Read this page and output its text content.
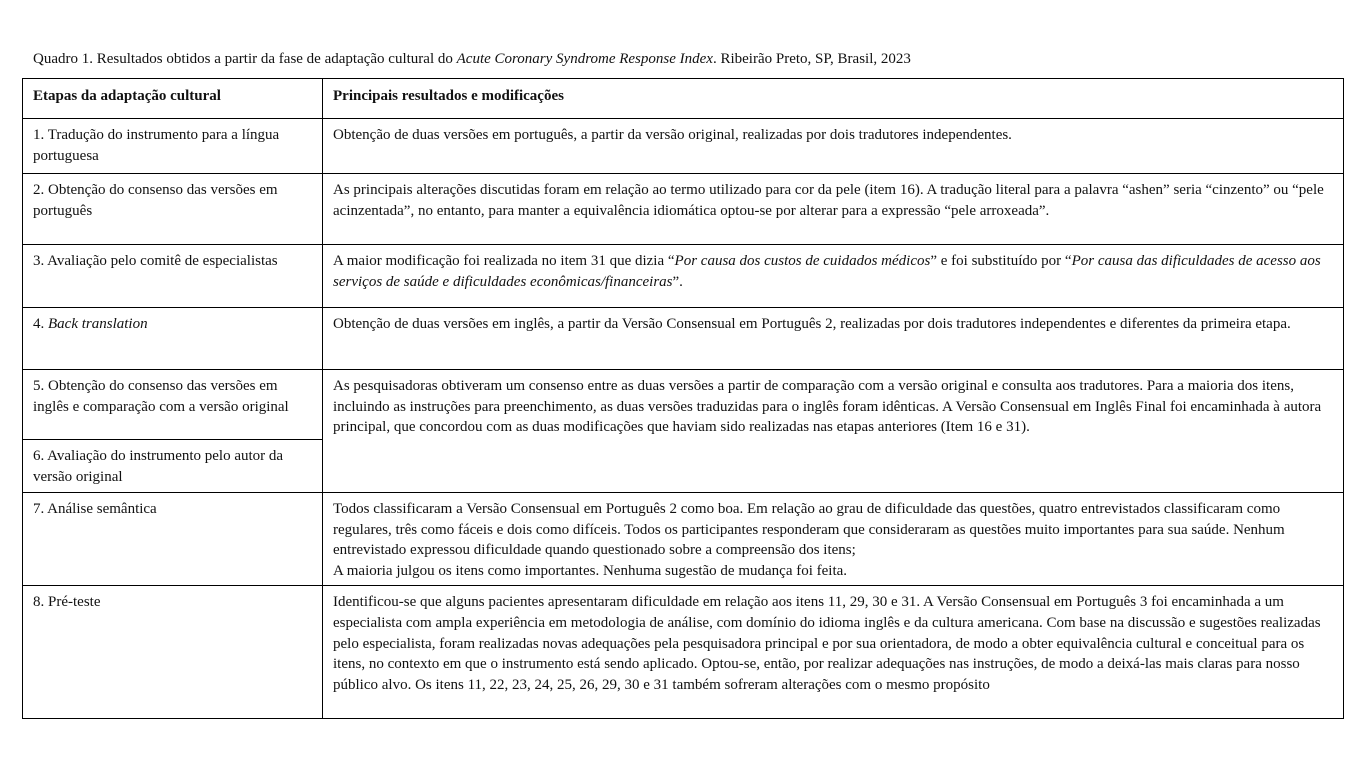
Quadro 1. Resultados obtidos a partir da fase de adaptação cultural do Acute Coronary Syndrome Response Index. Ribeirão Preto, SP, Brasil, 2023
Etapas da adaptação cultural	Principais resultados e modificações
1. Tradução do instrumento para a língua portuguesa	Obtenção de duas versões em português, a partir da versão original, realizadas por dois tradutores independentes.
2. Obtenção do consenso das versões em português	As principais alterações discutidas foram em relação ao termo utilizado para cor da pele (item 16). A tradução literal para a palavra “ashen” seria “cinzento” ou “pele acinzentada”, no entanto, para manter a equivalência idiomática optou-se por alterar para a expressão “pele arroxeada”.
3. Avaliação pelo comitê de especialistas	A maior modificação foi realizada no item 31 que dizia “Por causa dos custos de cuidados médicos” e foi substituído por “Por causa das dificuldades de acesso aos serviços de saúde e dificuldades econômicas/financeiras”.
4. Back translation	Obtenção de duas versões em inglês, a partir da Versão Consensual em Português 2, realizadas por dois tradutores independentes e diferentes da primeira etapa.
5. Obtenção do consenso das versões em inglês e comparação com a versão original	As pesquisadoras obtiveram um consenso entre as duas versões a partir de comparação com a versão original e consulta aos tradutores. Para a maioria dos itens, incluindo as instruções para preenchimento, as duas versões traduzidas para o inglês foram idênticas. A Versão Consensual em Inglês Final foi encaminhada à autora principal, que concordou com as duas modificações que haviam sido realizadas nas etapas anteriores (Item 16 e 31).
6. Avaliação do instrumento pelo autor da versão original	
7. Análise semântica	Todos classificaram a Versão Consensual em Português 2 como boa. Em relação ao grau de dificuldade das questões, quatro entrevistados classificaram como regulares, três como fáceis e dois como difíceis. Todos os participantes responderam que consideraram as questões muito importantes para sua saúde. Nenhum entrevistado expressou dificuldade quando questionado sobre a compreensão dos itens;
A maioria julgou os itens como importantes. Nenhuma sugestão de mudança foi feita.

8. Pré-teste	Identificou-se que alguns pacientes apresentaram dificuldade em relação aos itens 11, 29, 30 e 31. A Versão Consensual em Português 3 foi encaminhada a um especialista com ampla experiência em metodologia de análise, com domínio do idioma inglês e da cultura americana. Com base na discussão e sugestões realizadas pelo especialista, foram realizadas novas adequações pela pesquisadora principal e por sua orientadora, de modo a obter equivalência cultural e conceitual para os itens, no contexto em que o instrumento está sendo aplicado. Optou-se, então, por realizar adequações nas instruções, de modo a deixá-las mais claras para nosso público alvo. Os itens 11, 22, 23, 24, 25, 26, 29, 30 e 31 também sofreram alterações com o mesmo propósito
